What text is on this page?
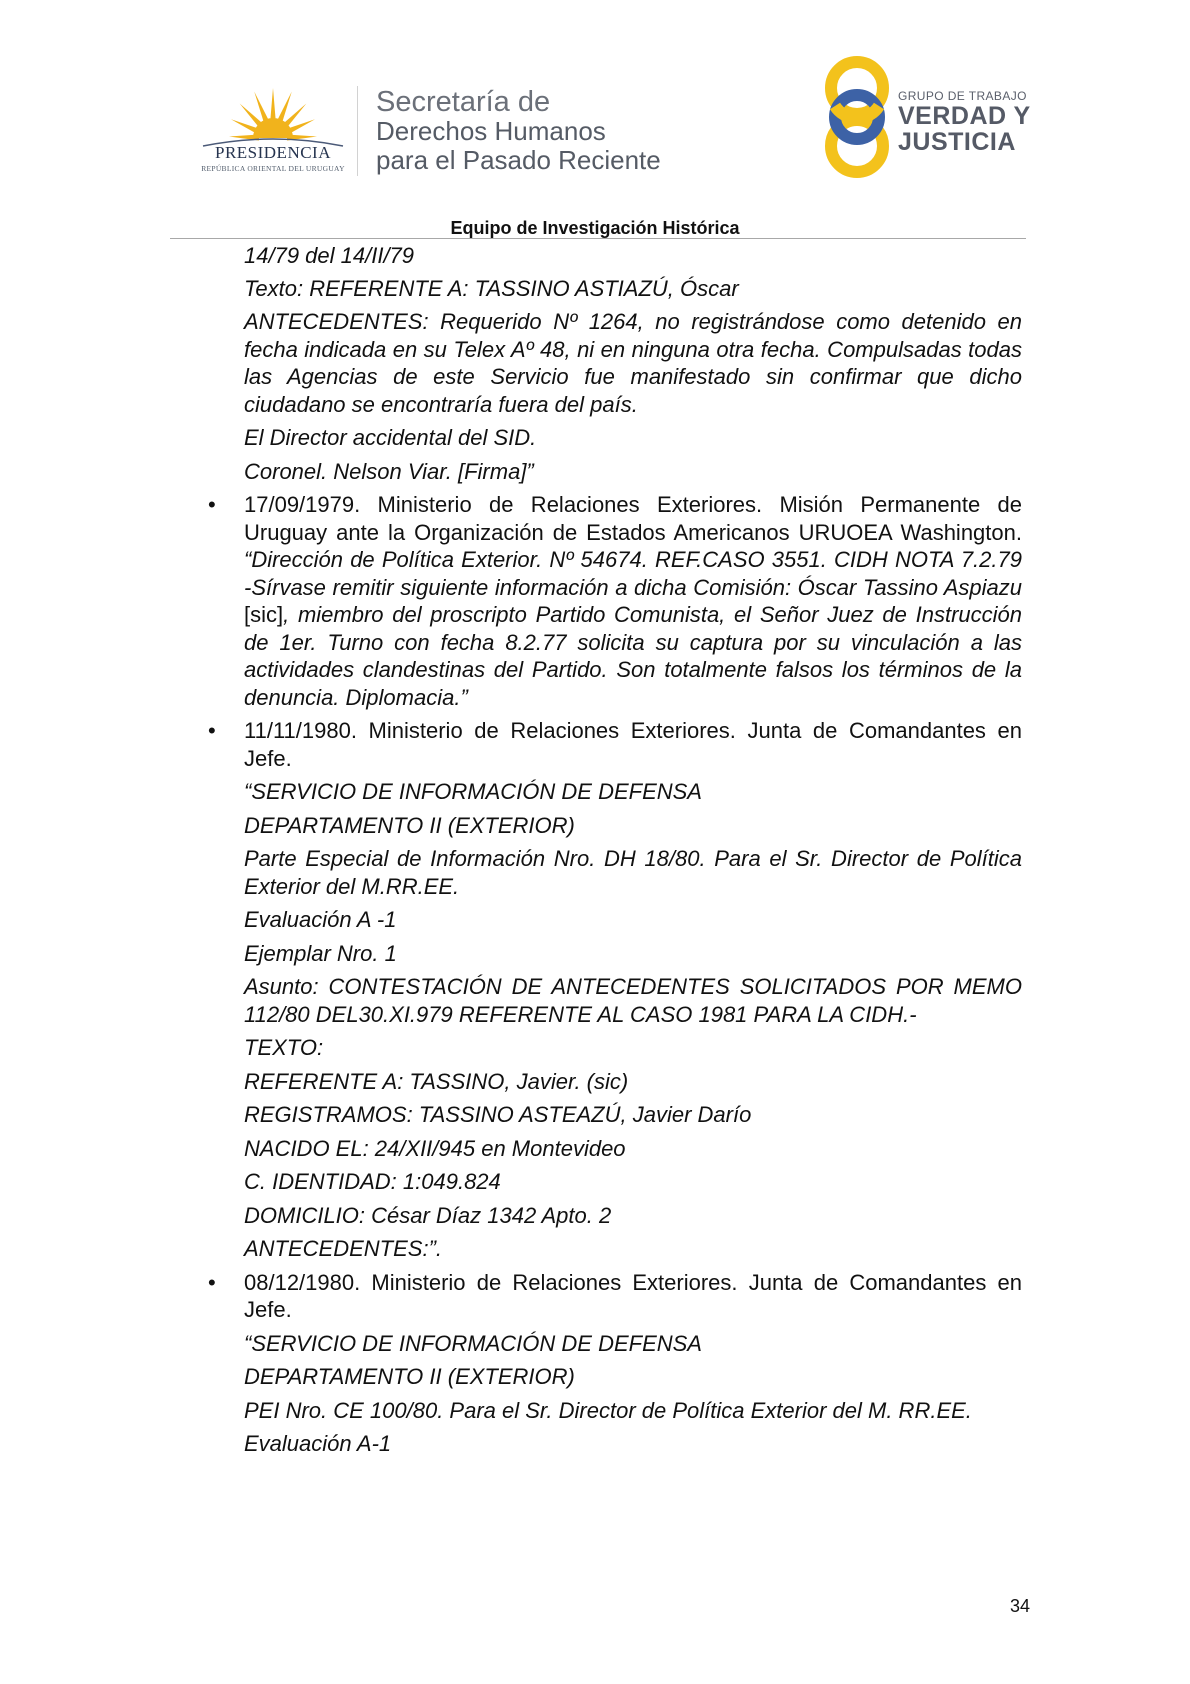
PRESIDENCIA
REPÚBLICA ORIENTAL DEL URUGUAY
Secretaría de
Derechos Humanos
para el Pasado Reciente
GRUPO DE TRABAJO
VERDAD Y
JUSTICIA
Equipo de Investigación Histórica

14/79 del 14/II/79

Texto: REFERENTE A: TASSINO ASTIAZÚ, Óscar

ANTECEDENTES: Requerido Nº 1264, no registrándose como detenido en fecha indicada en su Telex Aº 48, ni en ninguna otra fecha. Compulsadas todas las Agencias de este Servicio fue manifestado sin confirmar que dicho ciudadano se encontraría fuera del país.

El Director accidental del SID.

Coronel. Nelson Viar. [Firma]”

• 17/09/1979. Ministerio de Relaciones Exteriores. Misión Permanente de Uruguay ante la Organización de Estados Americanos URUOEA Washington. “Dirección de Política Exterior. Nº 54674. REF.CASO 3551. CIDH NOTA 7.2.79 -Sírvase remitir siguiente información a dicha Comisión: Óscar Tassino Aspiazu [sic], miembro del proscripto Partido Comunista, el Señor Juez de Instrucción de 1er. Turno con fecha 8.2.77 solicita su captura por su vinculación a las actividades clandestinas del Partido. Son totalmente falsos los términos de la denuncia. Diplomacia.”
• 11/11/1980. Ministerio de Relaciones Exteriores. Junta de Comandantes en Jefe.

“SERVICIO DE INFORMACIÓN DE DEFENSA

DEPARTAMENTO II (EXTERIOR)

Parte Especial de Información Nro. DH 18/80. Para el Sr. Director de Política Exterior del M.RR.EE.

Evaluación A -1

Ejemplar Nro. 1

Asunto: CONTESTACIÓN DE ANTECEDENTES SOLICITADOS POR MEMO 112/80 DEL30.XI.979 REFERENTE AL CASO 1981 PARA LA CIDH.-

TEXTO:

REFERENTE A: TASSINO, Javier. (sic)

REGISTRAMOS: TASSINO ASTEAZÚ, Javier Darío

NACIDO EL: 24/XII/945 en Montevideo

C. IDENTIDAD: 1:049.824

DOMICILIO: César Díaz 1342 Apto. 2

ANTECEDENTES:”.

• 08/12/1980. Ministerio de Relaciones Exteriores. Junta de Comandantes en Jefe.

“SERVICIO DE INFORMACIÓN DE DEFENSA

DEPARTAMENTO II (EXTERIOR)

PEI Nro. CE 100/80. Para el Sr. Director de Política Exterior del M. RR.EE.

Evaluación A-1

34
